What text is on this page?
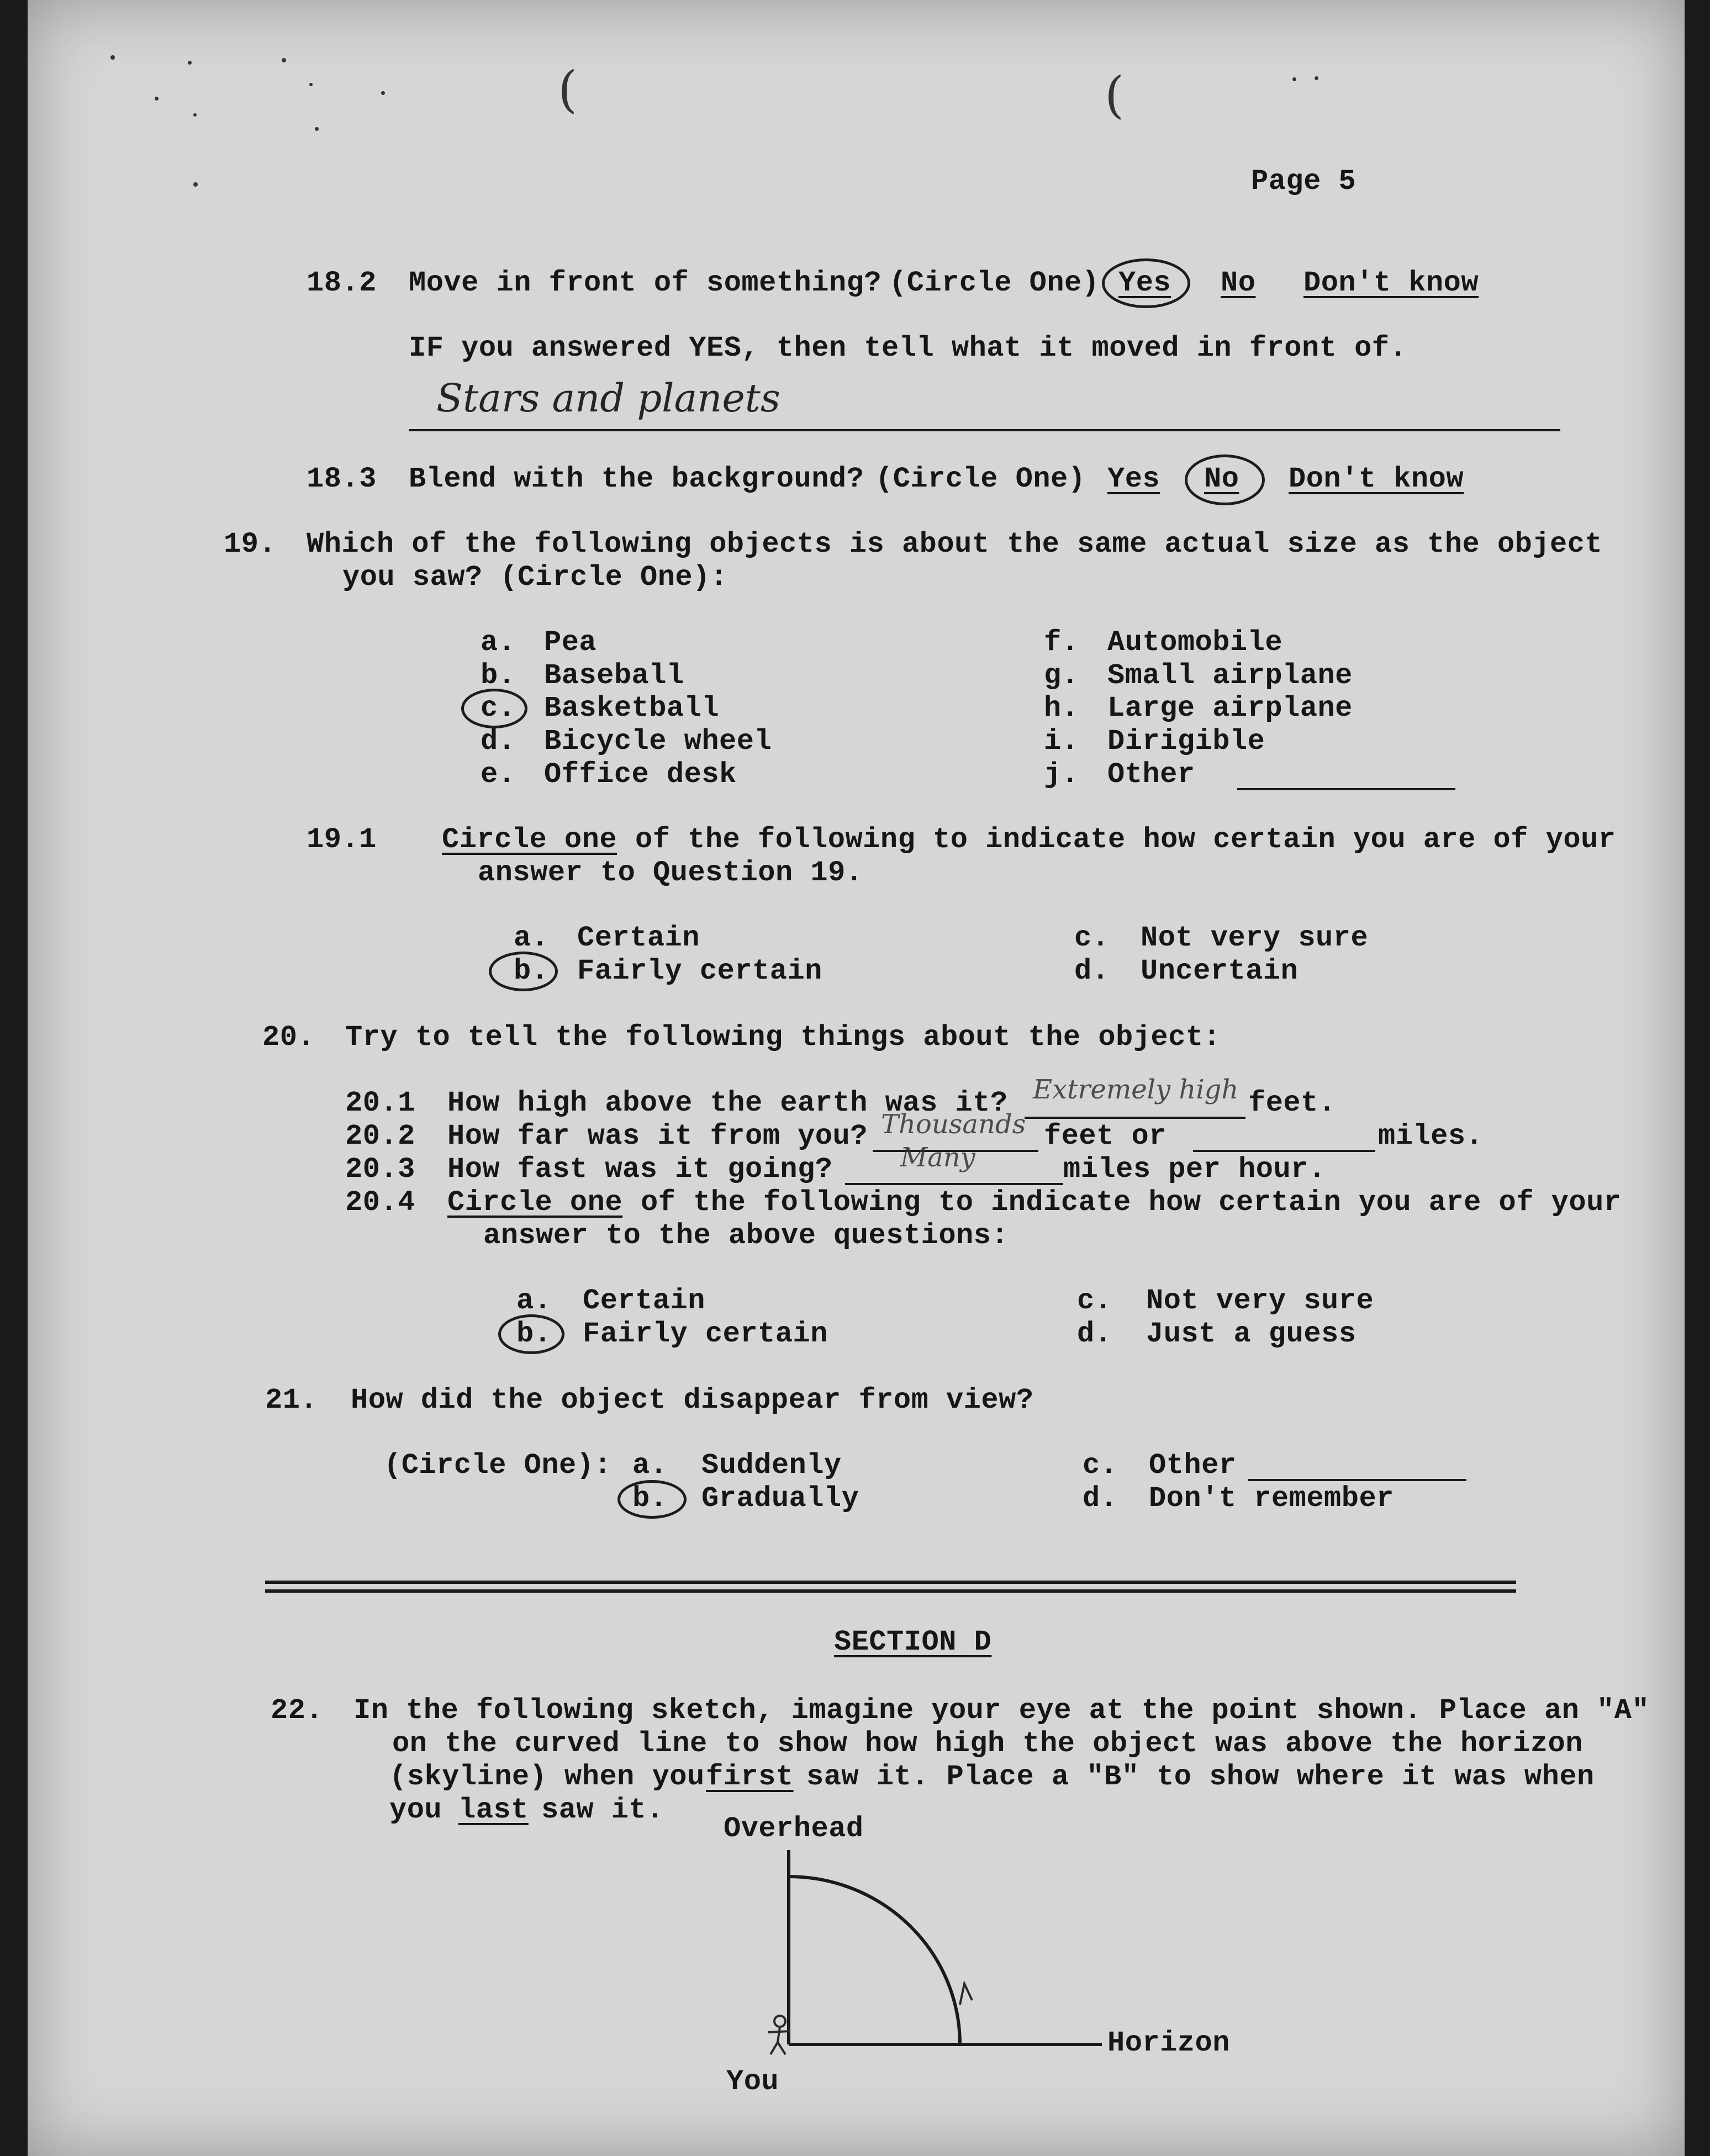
(	(
Page 5
18.2 Move in front of something? (Circle One) Yes No Don't know
IF you answered YES, then tell what it moved in front of.
Stars and planets
18.3 Blend with the background? (Circle One) Yes No Don't know
19. Which of the following objects is about the same actual size as the object
you saw? (Circle One):
a. Pea
b. Baseball
c. Basketball
d. Bicycle wheel
e. Office desk
f. Automobile
g. Small airplane
h. Large airplane
i. Dirigible
j. Other
19.1 Circle one of the following to indicate how certain you are of your
answer to Question 19.
a. Certain
b. Fairly certain
c. Not very sure
d. Uncertain
20. Try to tell the following things about the object:
20.1 How high above the earth was it? Extremely high feet.
20.2 How far was it from you? Thousands feet or	miles.
20.3 How fast was it going?	Many	miles per hour.
20.4 Circle one of the following to indicate how certain you are of your
answer to the above questions:
a. Certain
b. Fairly certain
c. Not very sure
d. Just a guess
21. How did the object disappear from view?
(Circle One): a. Suddenly
b. Gradually
c. Other
d. Don't remember
SECTION D
22. In the following sketch, imagine your eye at the point shown. Place an "A"
on the curved line to show how high the object was above the horizon
(skyline) when you first saw it. Place a "B" to show where it was when
you last saw it.
Overhead
Horizon
You
